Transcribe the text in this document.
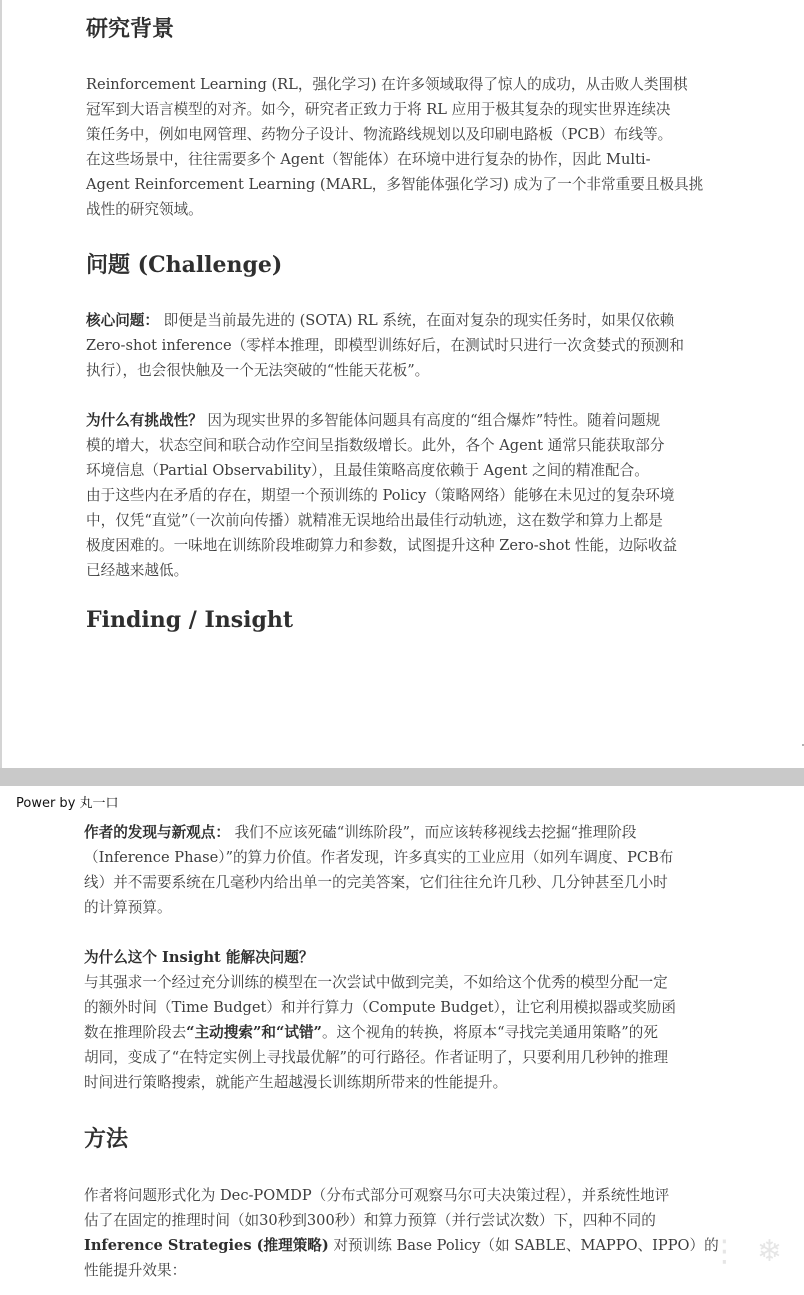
研究背景
Reinforcement Learning (RL，强化学习) 在许多领域取得了惊人的成功，从击败人类围棋
冠军到大语言模型的对齐。如今，研究者正致力于将 RL 应用于极其复杂的现实世界连续决
策任务中，例如电网管理、药物分子设计、物流路线规划以及印刷电路板（PCB）布线等。
在这些场景中，往往需要多个 Agent（智能体）在环境中进行复杂的协作，因此 Multi-
Agent Reinforcement Learning (MARL，多智能体强化学习) 成为了一个非常重要且极具挑
战性的研究领域。
问题 (Challenge)
核心问题： 即便是当前最先进的 (SOTA) RL 系统，在面对复杂的现实任务时，如果仅依赖
Zero-shot inference（零样本推理，即模型训练好后，在测试时只进行一次贪婪式的预测和
执行），也会很快触及一个无法突破的“性能天花板”。
为什么有挑战性？ 因为现实世界的多智能体问题具有高度的“组合爆炸”特性。随着问题规
模的增大，状态空间和联合动作空间呈指数级增长。此外，各个 Agent 通常只能获取部分
环境信息（Partial Observability），且最佳策略高度依赖于 Agent 之间的精准配合。
由于这些内在矛盾的存在，期望一个预训练的 Policy（策略网络）能够在未见过的复杂环境
中，仅凭“直觉”（一次前向传播）就精准无误地给出最佳行动轨迹，这在数学和算力上都是
极度困难的。一味地在训练阶段堆砌算力和参数，试图提升这种 Zero-shot 性能，边际收益
已经越来越低。
Finding / Insight
Power by 丸一口
作者的发现与新观点： 我们不应该死磕“训练阶段”，而应该转移视线去挖掘“推理阶段
（Inference Phase）”的算力价值。作者发现，许多真实的工业应用（如列车调度、PCB布
线）并不需要系统在几毫秒内给出单一的完美答案，它们往往允许几秒、几分钟甚至几小时
的计算预算。
为什么这个 Insight 能解决问题？
与其强求一个经过充分训练的模型在一次尝试中做到完美，不如给这个优秀的模型分配一定
的额外时间（Time Budget）和并行算力（Compute Budget），让它利用模拟器或奖励函
数在推理阶段去“主动搜索”和“试错”。这个视角的转换，将原本“寻找完美通用策略”的死
胡同，变成了“在特定实例上寻找最优解”的可行路径。作者证明了，只要利用几秒钟的推理
时间进行策略搜索，就能产生超越漫长训练期所带来的性能提升。
方法
作者将问题形式化为 Dec-POMDP（分布式部分可观察马尔可夫决策过程），并系统性地评
估了在固定的推理时间（如30秒到300秒）和算力预算（并行尝试次数）下，四种不同的
Inference Strategies (推理策略) 对预训练 Base Policy（如 SABLE、MAPPO、IPPO）的
性能提升效果：
⋮ ❄
